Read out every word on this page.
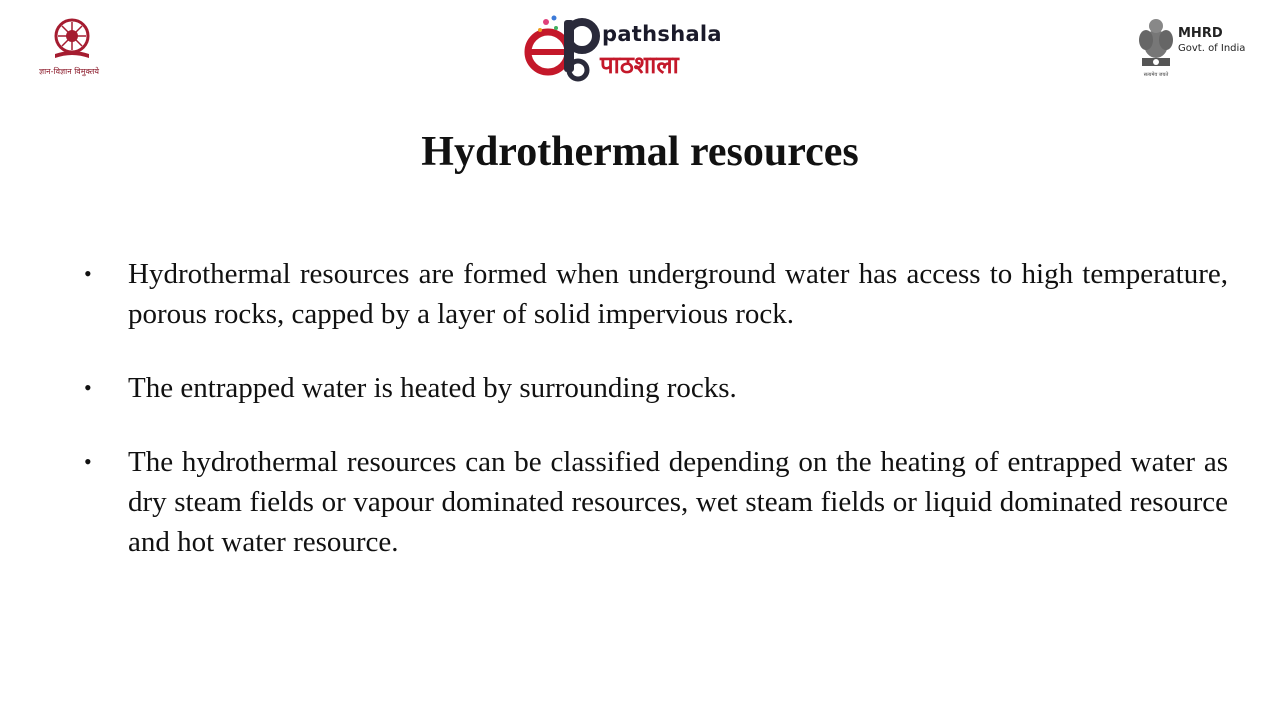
ज्ञान-विज्ञान विमुक्तये
pathshala
पाठशाला
MHRD
Govt. of India
सत्यमेव जयते
Hydrothermal resources
•	Hydrothermal resources are formed when underground water has access to high temperature, porous rocks, capped by a layer of solid impervious rock.
•	The entrapped water is heated by surrounding rocks.
•	The hydrothermal resources can be classified depending on the heating of entrapped water as dry steam fields or vapour dominated resources, wet steam fields or liquid dominated resource and hot water resource.
